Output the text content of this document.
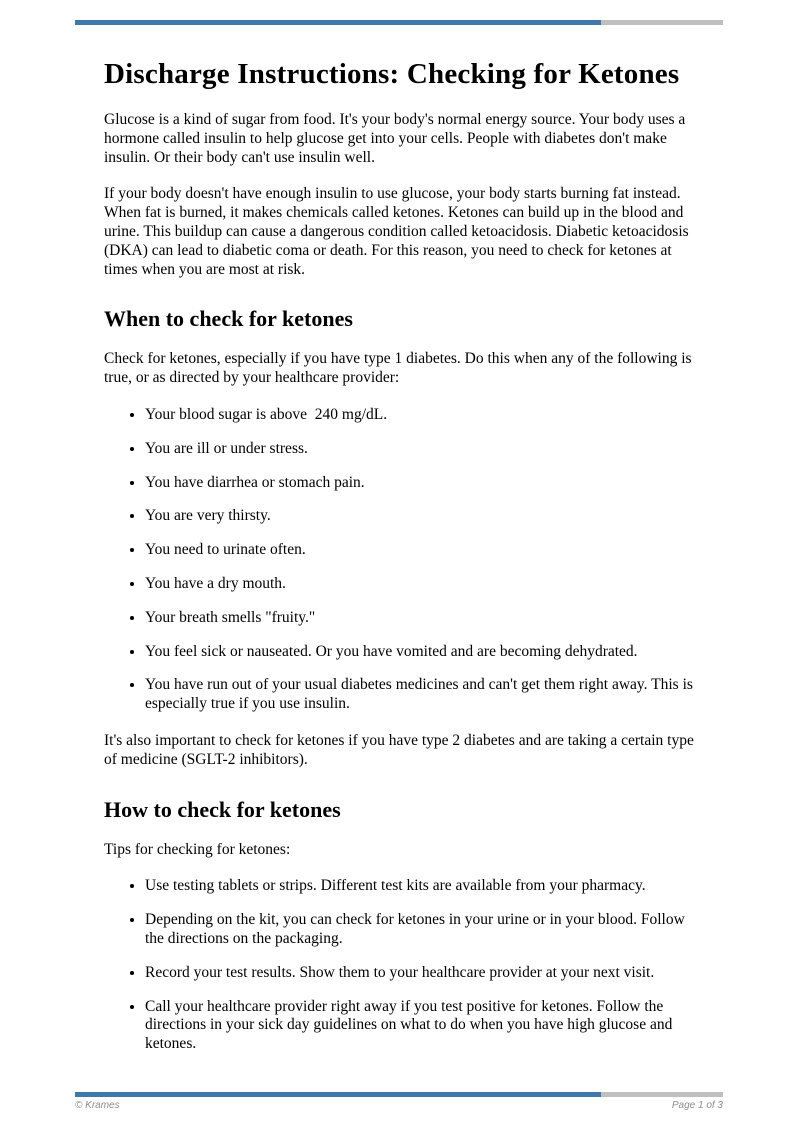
Discharge Instructions: Checking for Ketones

Glucose is a kind of sugar from food. It's your body's normal energy source. Your body uses a hormone called insulin to help glucose get into your cells. People with diabetes don't make insulin. Or their body can't use insulin well.

If your body doesn't have enough insulin to use glucose, your body starts burning fat instead. When fat is burned, it makes chemicals called ketones. Ketones can build up in the blood and urine. This buildup can cause a dangerous condition called ketoacidosis. Diabetic ketoacidosis (DKA) can lead to diabetic coma or death. For this reason, you need to check for ketones at times when you are most at risk.

When to check for ketones

Check for ketones, especially if you have type 1 diabetes. Do this when any of the following is true, or as directed by your healthcare provider:

• Your blood sugar is above  240 mg/dL.
• You are ill or under stress.
• You have diarrhea or stomach pain.
• You are very thirsty.
• You need to urinate often.
• You have a dry mouth.
• Your breath smells "fruity."
• You feel sick or nauseated. Or you have vomited and are becoming dehydrated.
• You have run out of your usual diabetes medicines and can't get them right away. This is especially true if you use insulin.

It's also important to check for ketones if you have type 2 diabetes and are taking a certain type of medicine (SGLT-2 inhibitors).

How to check for ketones

Tips for checking for ketones:

• Use testing tablets or strips. Different test kits are available from your pharmacy.
• Depending on the kit, you can check for ketones in your urine or in your blood. Follow the directions on the packaging.
• Record your test results. Show them to your healthcare provider at your next visit.
• Call your healthcare provider right away if you test positive for ketones. Follow the directions in your sick day guidelines on what to do when you have high glucose and ketones.
© Krames	Page 1 of 3
